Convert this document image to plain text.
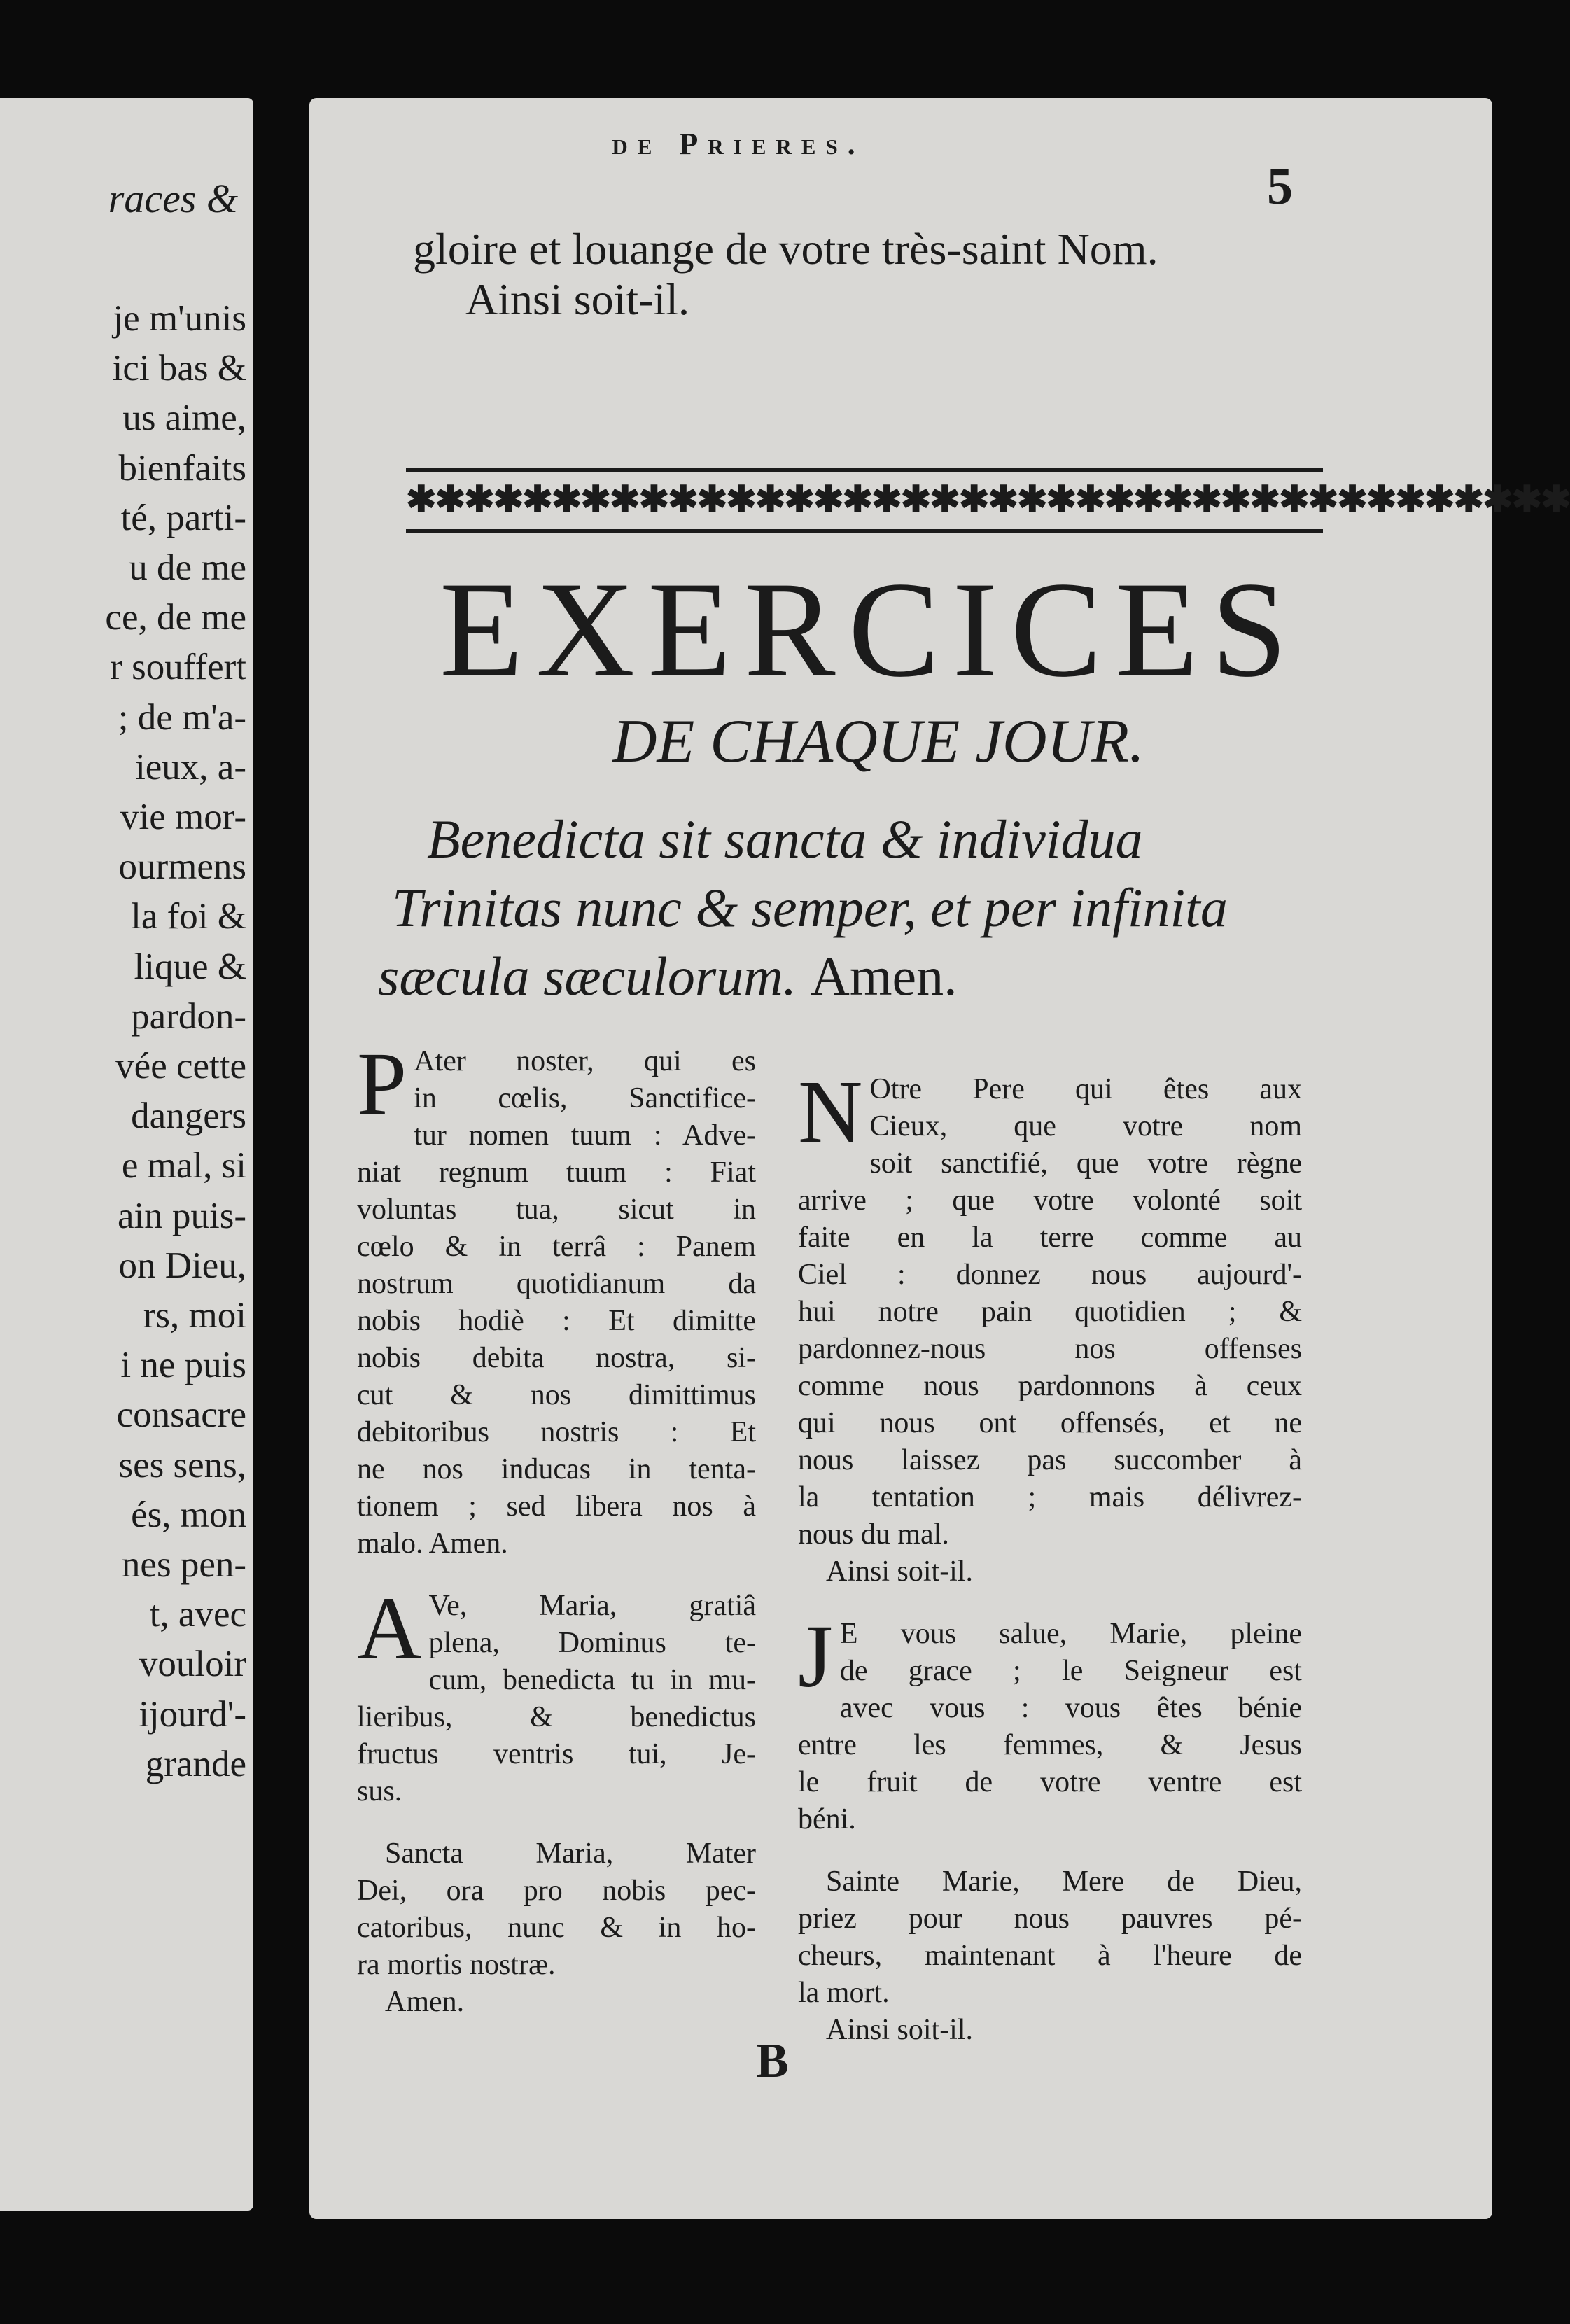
races &
je m'unis
ici bas &
us aime,
bienfaits
té, parti-
u de me
ce, de me
r souffert
; de m'a-
ieux, a-
vie mor-
ourmens
la foi &
lique &
pardon-
vée cette
dangers
e mal, si
ain puis-
on Dieu,
rs, moi
i ne puis
consacre
ses sens,
és, mon
nes pen-
t, avec
vouloir
ijourd'-
grande
de Prieres.
5
gloire et louange de votre très-saint Nom.
Ainsi soit-il.
✱✱✱✱✱✱✱✱✱✱✱✱✱✱✱✱✱✱✱✱✱✱✱✱✱✱✱✱✱✱✱✱✱✱✱✱✱✱✱✱
EXERCICES
DE CHAQUE JOUR.
Benedicta sit sancta & individua
Trinitas nunc & semper, et per infinita
sæcula sæculorum. Amen.
P Ater noster, qui es
in cœlis, Sanctifice-
tur nomen tuum : Adve-
niat regnum tuum : Fiat
voluntas tua, sicut in
cœlo & in terrâ : Panem
nostrum quotidianum da
nobis hodiè : Et dimitte
nobis debita nostra, si-
cut & nos dimittimus
debitoribus nostris : Et
ne nos inducas in tenta-
tionem ; sed libera nos à
malo. Amen.
A Ve, Maria, gratiâ
plena, Dominus te-
cum, benedicta tu in mu-
lieribus, & benedictus
fructus ventris tui, Je-
sus.
Sancta Maria, Mater
Dei, ora pro nobis pec-
catoribus, nunc & in ho-
ra mortis nostræ.
Amen.
N Otre Pere qui êtes aux
Cieux, que votre nom
soit sanctifié, que votre règne
arrive ; que votre volonté soit
faite en la terre comme au
Ciel : donnez nous aujourd'-
hui notre pain quotidien ; &
pardonnez-nous nos offenses
comme nous pardonnons à ceux
qui nous ont offensés, et ne
nous laissez pas succomber à
la tentation ; mais délivrez-
nous du mal.
Ainsi soit-il.
J E vous salue, Marie, pleine
de grace ; le Seigneur est
avec vous : vous êtes bénie
entre les femmes, & Jesus
le fruit de votre ventre est
béni.
Sainte Marie, Mere de Dieu,
priez pour nous pauvres pé-
cheurs, maintenant à l'heure de
la mort.
Ainsi soit-il.
B
